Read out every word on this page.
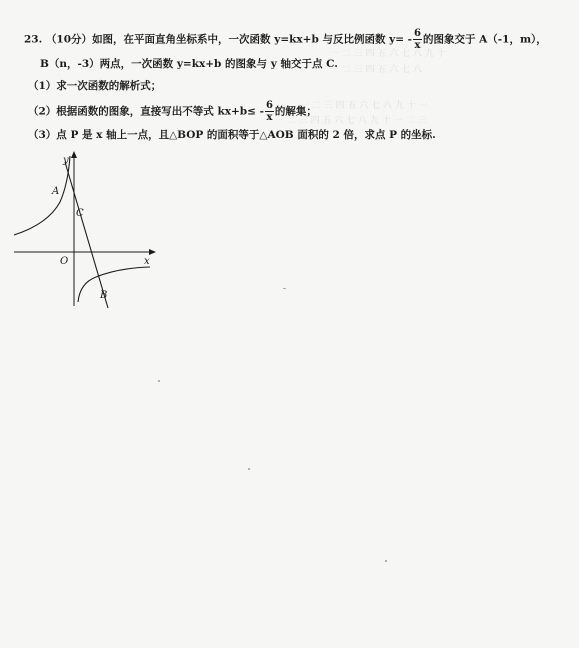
一 二 三 四 五 六 七 八 九 十
一 二 三 四 五 六 七 八
一 二 三 四 五 六 七 八 九 十 一
一 二 三 四 五 六 七 八 九 十 一 二 三
23. （10分）如图，在平面直角坐标系中，一次函数 y=kx+b 与反比例函数 $y= - \frac{6}{x}$ 的图象交于 A（-1，m），
B（n，-3）两点，一次函数 y=kx+b 的图象与 y 轴交于点 C.
（1）求一次函数的解析式；
（2）根据函数的图象，直接写出不等式 $kx+b\le - \frac{6}{x}$ 的解集；
（3）点 P 是 x 轴上一点，且△BOP 的面积等于△AOB 面积的 2 倍，求点 P 的坐标.
y
x
O
A
C
B
